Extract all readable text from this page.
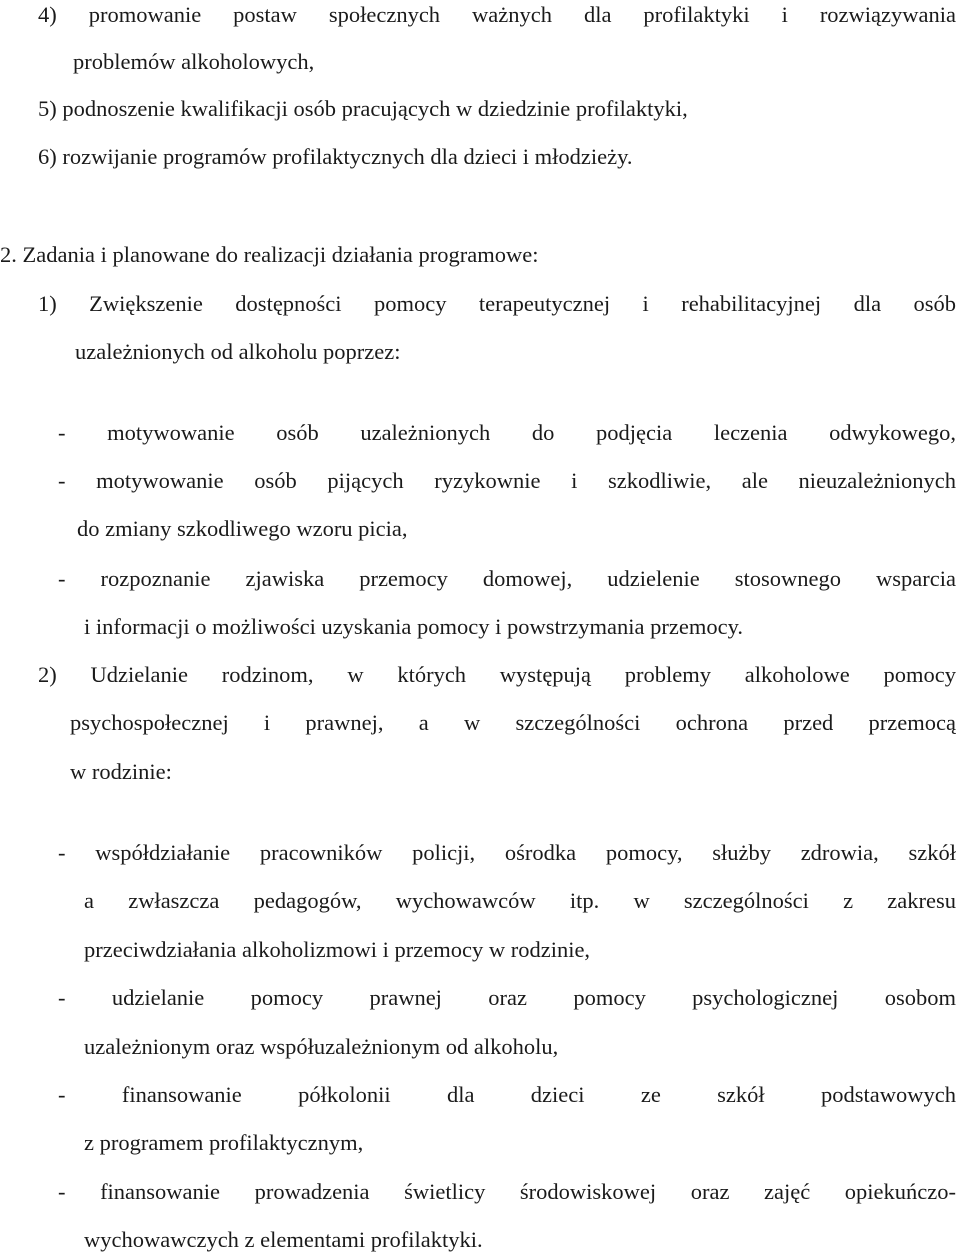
4) promowanie postaw społecznych ważnych dla profilaktyki i rozwiązywania
problemów alkoholowych,
5) podnoszenie kwalifikacji osób pracujących w dziedzinie profilaktyki,
6) rozwijanie programów profilaktycznych dla dzieci i młodzieży.
2. Zadania i planowane do realizacji działania programowe:
1) Zwiększenie dostępności pomocy terapeutycznej i rehabilitacyjnej dla osób
uzależnionych od alkoholu poprzez:
- motywowanie osób uzależnionych do podjęcia leczenia odwykowego,
- motywowanie osób pijących ryzykownie i szkodliwie, ale nieuzależnionych
do zmiany szkodliwego wzoru picia,
- rozpoznanie zjawiska przemocy domowej, udzielenie stosownego wsparcia
i informacji o możliwości uzyskania pomocy i powstrzymania przemocy.
2) Udzielanie rodzinom, w których występują problemy alkoholowe pomocy
psychospołecznej i prawnej, a w szczególności ochrona przed przemocą
w rodzinie:
- współdziałanie pracowników policji, ośrodka pomocy, służby zdrowia, szkół
a zwłaszcza pedagogów, wychowawców itp. w szczególności z zakresu
przeciwdziałania alkoholizmowi i przemocy w rodzinie,
- udzielanie pomocy prawnej oraz pomocy psychologicznej osobom
uzależnionym oraz współuzależnionym od alkoholu,
- finansowanie półkolonii dla dzieci ze szkół podstawowych
z programem profilaktycznym,
- finansowanie prowadzenia świetlicy środowiskowej oraz zajęć opiekuńczo-
wychowawczych z elementami profilaktyki.
